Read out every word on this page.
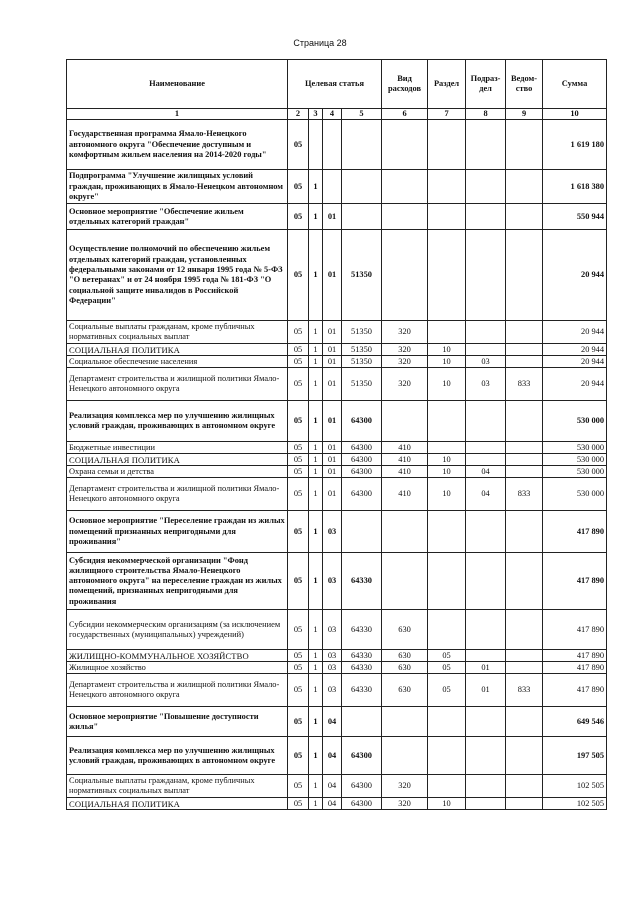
Страница 28
Наименование	Целевая статья				Вид расходов	Раздел	Подраз- дел	Ведом- ство	Сумма
1	2	3	4	5	6	7	8	9	10
Государственная программа Ямало-Ненецкого автономного округа "Обеспечение доступным и комфортным жильем населения на 2014-2020 годы"	05								1 619 180
Подпрограмма "Улучшение жилищных условий граждан, проживающих в Ямало-Ненецком автономном округе"	05	1							1 618 380
Основное мероприятие "Обеспечение жильем отдельных категорий граждан"	05	1	01						550 944
Осуществление полномочий по обеспечению жильем отдельных категорий граждан, установленных федеральными законами от 12 января 1995 года № 5-ФЗ "О ветеранах" и от 24 ноября 1995 года № 181-ФЗ "О социальной защите инвалидов в Российской Федерации"	05	1	01	51350					20 944
Социальные выплаты гражданам, кроме публичных нормативных социальных выплат	05	1	01	51350	320				20 944
СОЦИАЛЬНАЯ ПОЛИТИКА	05	1	01	51350	320	10			20 944
Социальное обеспечение населения	05	1	01	51350	320	10	03		20 944
Департамент строительства и жилищной политики Ямало-Ненецкого автономного округа	05	1	01	51350	320	10	03	833	20 944
Реализация комплекса мер по улучшению жилищных условий граждан, проживающих в автономном округе	05	1	01	64300					530 000
Бюджетные инвестиции	05	1	01	64300	410				530 000
СОЦИАЛЬНАЯ ПОЛИТИКА	05	1	01	64300	410	10			530 000
Охрана семьи и детства	05	1	01	64300	410	10	04		530 000
Департамент строительства и жилищной политики Ямало-Ненецкого автономного округа	05	1	01	64300	410	10	04	833	530 000
Основное мероприятие "Переселение граждан из жилых помещений признанных непригодными для проживания"	05	1	03						417 890
Субсидия некоммерческой организации "Фонд жилищного строительства Ямало-Ненецкого автономного округа" на переселение граждан из жилых помещений, признанных непригодными для проживания	05	1	03	64330					417 890
Субсидии некоммерческим организациям (за исключением государственных (муниципальных) учреждений)	05	1	03	64330	630				417 890
ЖИЛИЩНО-КОММУНАЛЬНОЕ ХОЗЯЙСТВО	05	1	03	64330	630	05			417 890
Жилищное хозяйство	05	1	03	64330	630	05	01		417 890
Департамент строительства и жилищной политики Ямало-Ненецкого автономного округа	05	1	03	64330	630	05	01	833	417 890
Основное мероприятие "Повышение доступности жилья"	05	1	04						649 546
Реализация комплекса мер по улучшению жилищных условий граждан, проживающих в автономном округе	05	1	04	64300					197 505
Социальные выплаты гражданам, кроме публичных нормативных социальных выплат	05	1	04	64300	320				102 505
СОЦИАЛЬНАЯ ПОЛИТИКА	05	1	04	64300	320	10			102 505
